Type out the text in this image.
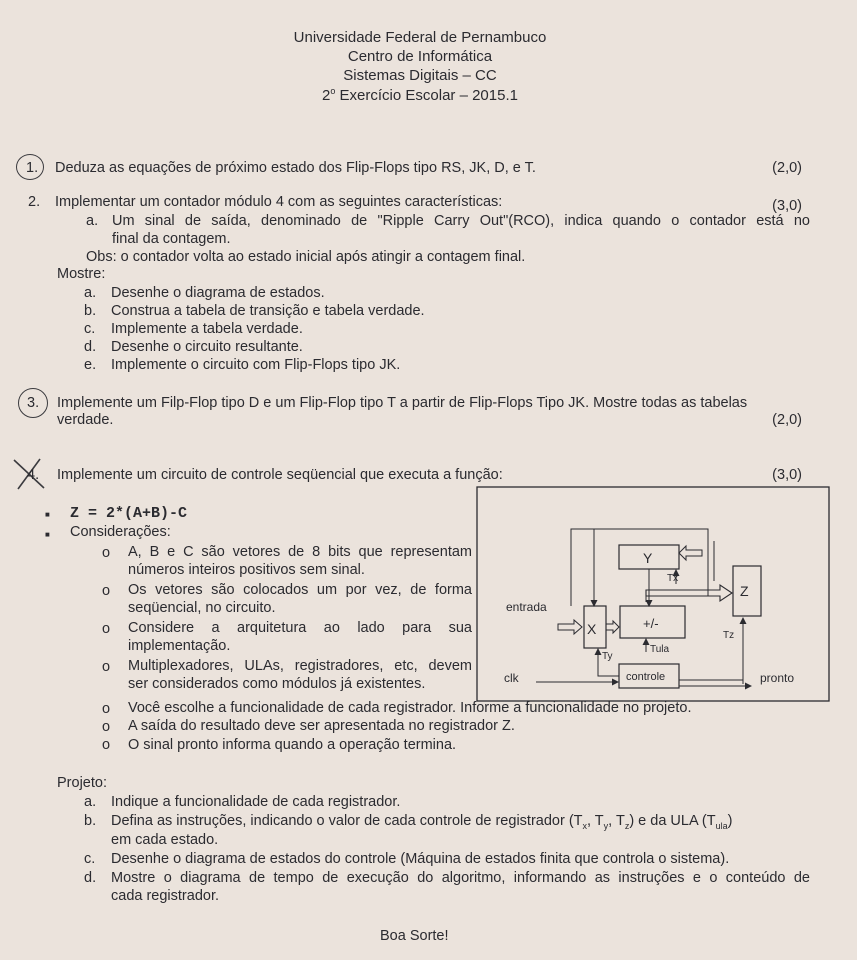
Universidade Federal de Pernambuco
Centro de Informática
Sistemas Digitais – CC
2$^o$ Exercício Escolar – 2015.1
1. Deduza as equações de próximo estado dos Flip-Flops tipo RS, JK, D, e T.	(2,0)
2. Implementar um contador módulo 4 com as seguintes características:	(3,0)
a. Um sinal de saída, denominado de "Ripple Carry Out"(RCO), indica quando o contador está no
final da contagem.
Obs: o contador volta ao estado inicial após atingir a contagem final.
Mostre:
a. Desenhe o diagrama de estados.
b. Construa a tabela de transição e tabela verdade.
c. Implemente a tabela verdade.
d. Desenhe o circuito resultante.
e. Implemente o circuito com Flip-Flops tipo JK.
3. Implemente um Filp-Flop tipo D e um Flip-Flop tipo T a partir de Flip-Flops Tipo JK. Mostre todas as tabelas
verdade.	(2,0)
4. Implemente um circuito de controle seqüencial que executa a função:	(3,0)
■ Z = 2*(A+B)-C
■ Considerações:
o A, B e C são vetores de 8 bits que representam
números inteiros positivos sem sinal.
o Os vetores são colocados um por vez, de forma
seqüencial, no circuito.
o Considere a arquitetura ao lado para sua
implementação.
o Multiplexadores, ULAs, registradores, etc, devem
ser considerados como módulos já existentes.
o Você escolhe a funcionalidade de cada registrador. Informe a funcionalidade no projeto.
o A saída do resultado deve ser apresentada no registrador Z.
o O sinal pronto informa quando a operação termina.
Y
Z
X	+/-
controle
Tx
entrada
Ty
Tula
Tz
clk	pronto
Projeto:
a. Indique a funcionalidade de cada registrador.
b. Defina as instruções, indicando o valor de cada controle de registrador ($T_x$, $T_y$, $T_z$) e da ULA $(T_{ula})$
em cada estado.
c. Desenhe o diagrama de estados do controle (Máquina de estados finita que controla o sistema).
d. Mostre o diagrama de tempo de execução do algoritmo, informando as instruções e o conteúdo de
cada registrador.
Boa Sorte!
